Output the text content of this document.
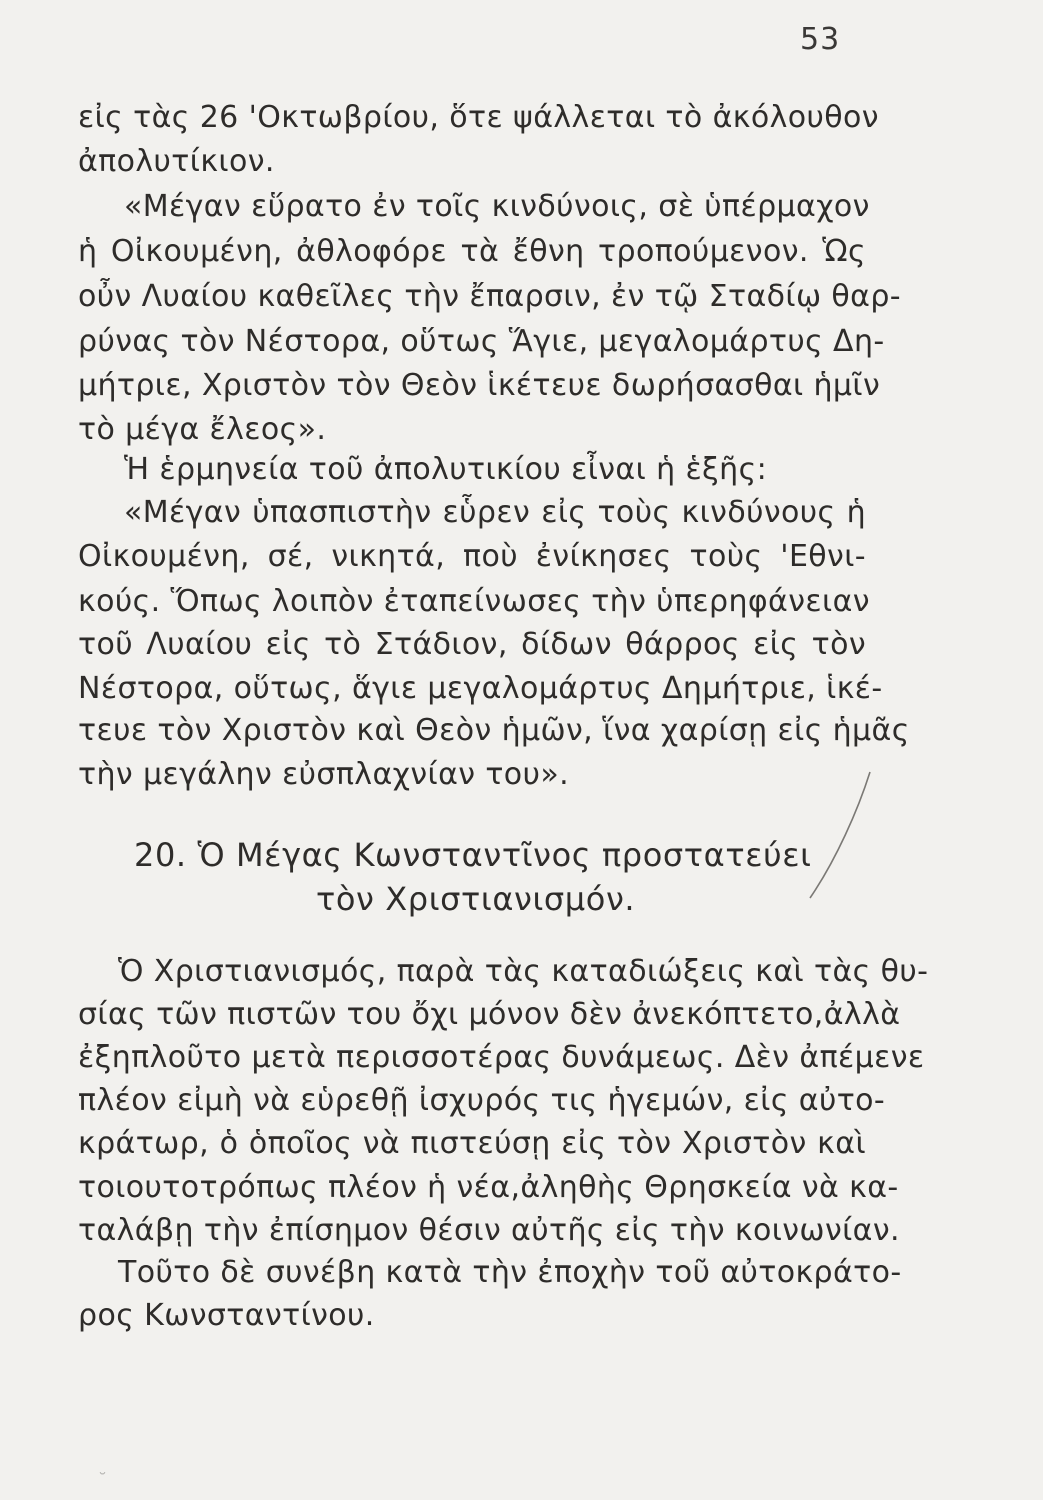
53
εἰς τὰς 26 'Οκτωβρίου, ὅτε ψάλλεται τὸ ἀκόλουθον
ἀπολυτίκιον.
«Μέγαν εὕρατο ἐν τοῖς κινδύνοις, σὲ ὑπέρμαχον
ἡ Οἰκουμένη, ἀθλοφόρε τὰ ἔθνη τροπούμενον. Ὡς
οὖν Λυαίου καθεῖλες τὴν ἔπαρσιν, ἐν τῷ Σταδίῳ θαρ-
ρύνας τὸν Νέστορα, οὕτως Ἅγιε, μεγαλομάρτυς Δη-
μήτριε, Χριστὸν τὸν Θεὸν ἱκέτευε δωρήσασθαι ἡμῖν
τὸ μέγα ἔλεος».
Ἡ ἑρμηνεία τοῦ ἀπολυτικίου εἶναι ἡ ἑξῆς:
«Μέγαν ὑπασπιστὴν εὗρεν εἰς τοὺς κινδύνους ἡ
Οἰκουμένη, σέ, νικητά, ποὺ ἐνίκησες τοὺς 'Εθνι-
κούς. Ὅπως λοιπὸν ἐταπείνωσες τὴν ὑπερηφάνειαν
τοῦ Λυαίου εἰς τὸ Στάδιον, δίδων θάρρος εἰς τὸν
Νέστορα, οὕτως, ἅγιε μεγαλομάρτυς Δημήτριε, ἱκέ-
τευε τὸν Χριστὸν καὶ Θεὸν ἡμῶν, ἵνα χαρίσῃ εἰς ἡμᾶς
τὴν μεγάλην εὐσπλαχνίαν του».
20. Ὁ Μέγας Κωνσταντῖνος προστατεύει
τὸν Χριστιανισμόν.
Ὁ Χριστιανισμός, παρὰ τὰς καταδιώξεις καὶ τὰς θυ-
σίας τῶν πιστῶν του ὄχι μόνον δὲν ἀνεκόπτετο,ἀλλὰ
ἐξηπλοῦτο μετὰ περισσοτέρας δυνάμεως. Δὲν ἀπέμενε
πλέον εἰμὴ νὰ εὑρεθῇ ἰσχυρός τις ἡγεμών, εἰς αὐτο-
κράτωρ, ὁ ὁποῖος νὰ πιστεύσῃ εἰς τὸν Χριστὸν καὶ
τοιουτοτρόπως πλέον ἡ νέα,ἀληθὴς Θρησκεία νὰ κα-
ταλάβῃ τὴν ἐπίσημον θέσιν αὐτῆς εἰς τὴν κοινωνίαν.
Τοῦτο δὲ συνέβη κατὰ τὴν ἐποχὴν τοῦ αὐτοκράτο-
ρος Κωνσταντίνου.
˘
